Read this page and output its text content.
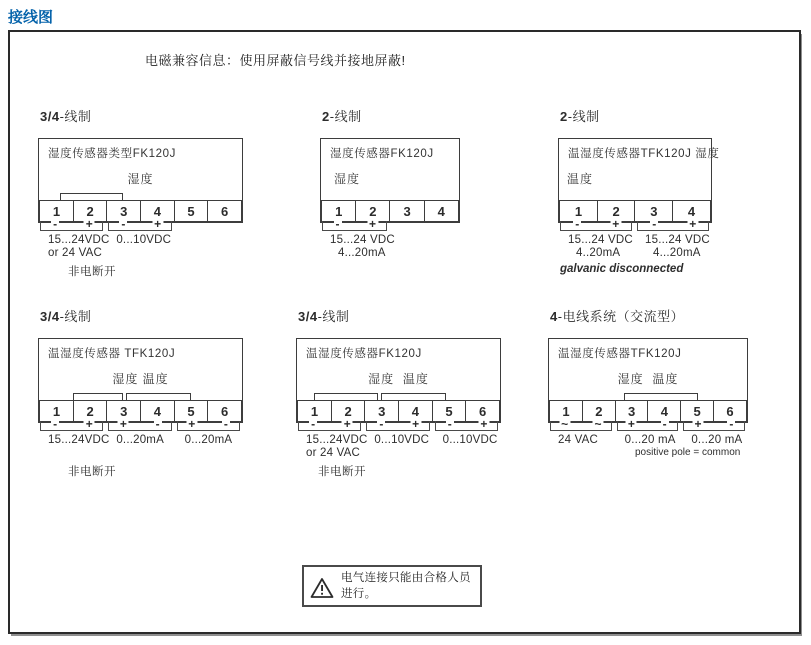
接线图
电磁兼容信息：使用屏蔽信号线并接地屏蔽!
3/4-线制
湿度传感器类型FK120J
湿度
1	2	3	4	5	6
- +
15...24VDC
or 24 VAC
- +
0...10VDC
非电断开
2-线制
湿度传感器FK120J
湿度
1	2	3	4
- +
15...24 VDC
4...20mA
2-线制
温湿度传感器TFK120J 湿度
温度
1	2	3	4
-	+
15...24 VDC
4..20mA
-	+
15...24 VDC
4...20mA
galvanic disconnected
3/4-线制
温湿度传感器 TFK120J
湿度 温度
1	2	3	4	5	6
- +
15...24VDC
+ -
0...20mA
+ -
0...20mA
非电断开
3/4-线制
温湿度传感器FK120J
湿度  温度
1	2	3	4	5	6
- +
15...24VDC
or 24 VAC
- +
0...10VDC
- +
0...10VDC
非电断开
4-电线系统（交流型）
温湿度传感器TFK120J
湿度  温度
1	2	3	4	5	6
~ ~
24 VAC
+ -
0...20 mA
+ -
0...20 mA
positive pole = common
电气连接只能由合格人员进行。
